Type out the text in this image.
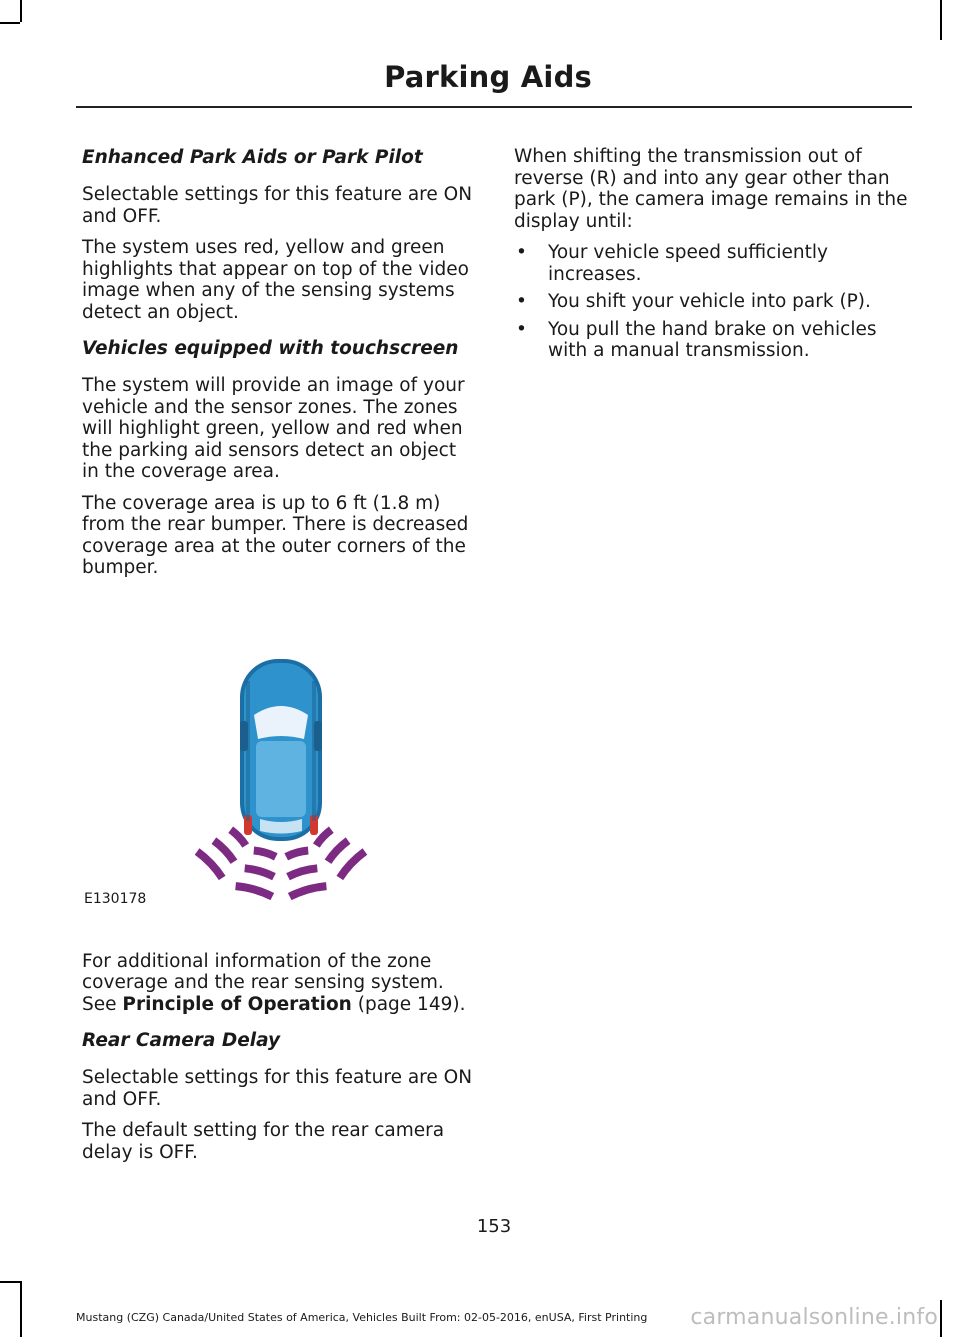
Parking Aids
Enhanced Park Aids or Park Pilot

Selectable settings for this feature are ON and OFF.

The system uses red, yellow and green highlights that appear on top of the video image when any of the sensing systems detect an object.

Vehicles equipped with touchscreen

The system will provide an image of your vehicle and the sensor zones. The zones will highlight green, yellow and red when the parking aid sensors detect an object in the coverage area.

The coverage area is up to 6 ft (1.8 m) from the rear bumper. There is decreased coverage area at the outer corners of the bumper.

E130178

For additional information of the zone coverage and the rear sensing system. See Principle of Operation (page 149).

Rear Camera Delay

Selectable settings for this feature are ON and OFF.

The default setting for the rear camera delay is OFF.

When shifting the transmission out of reverse (R) and into any gear other than park (P), the camera image remains in the display until:

• Your vehicle speed sufficiently increases.
• You shift your vehicle into park (P).
• You pull the hand brake on vehicles with a manual transmission.

153

Mustang (CZG) Canada/United States of America, Vehicles Built From: 02-05-2016, enUSA, First Printing carmanualsonline.info
